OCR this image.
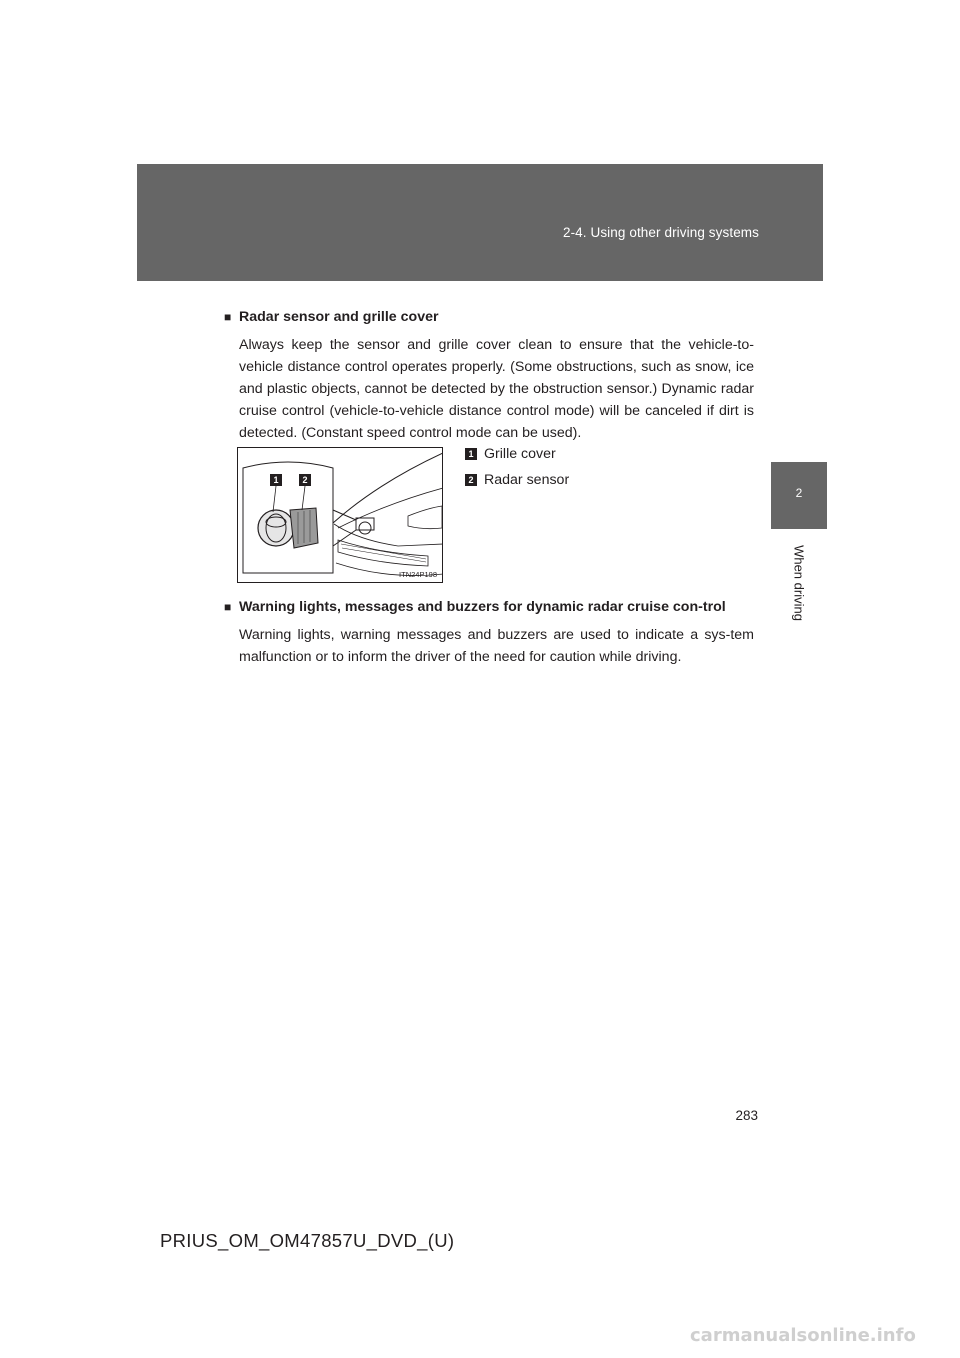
2-4. Using other driving systems
2
When driving
■ Radar sensor and grille cover
Always keep the sensor and grille cover clean to ensure that the vehicle-to-vehicle distance control operates properly. (Some obstructions, such as snow, ice and plastic objects, cannot be detected by the obstruction sensor.) Dynamic radar cruise control (vehicle-to-vehicle distance control mode) will be canceled if dirt is detected. (Constant speed control mode can be used).
1	2
ITN24P198
1 Grille cover
2 Radar sensor
■ Warning lights, messages and buzzers for dynamic radar cruise con-trol
Warning lights, warning messages and buzzers are used to indicate a sys-tem malfunction or to inform the driver of the need for caution while driving.
283
PRIUS_OM_OM47857U_DVD_(U)
carmanualsonline.info
